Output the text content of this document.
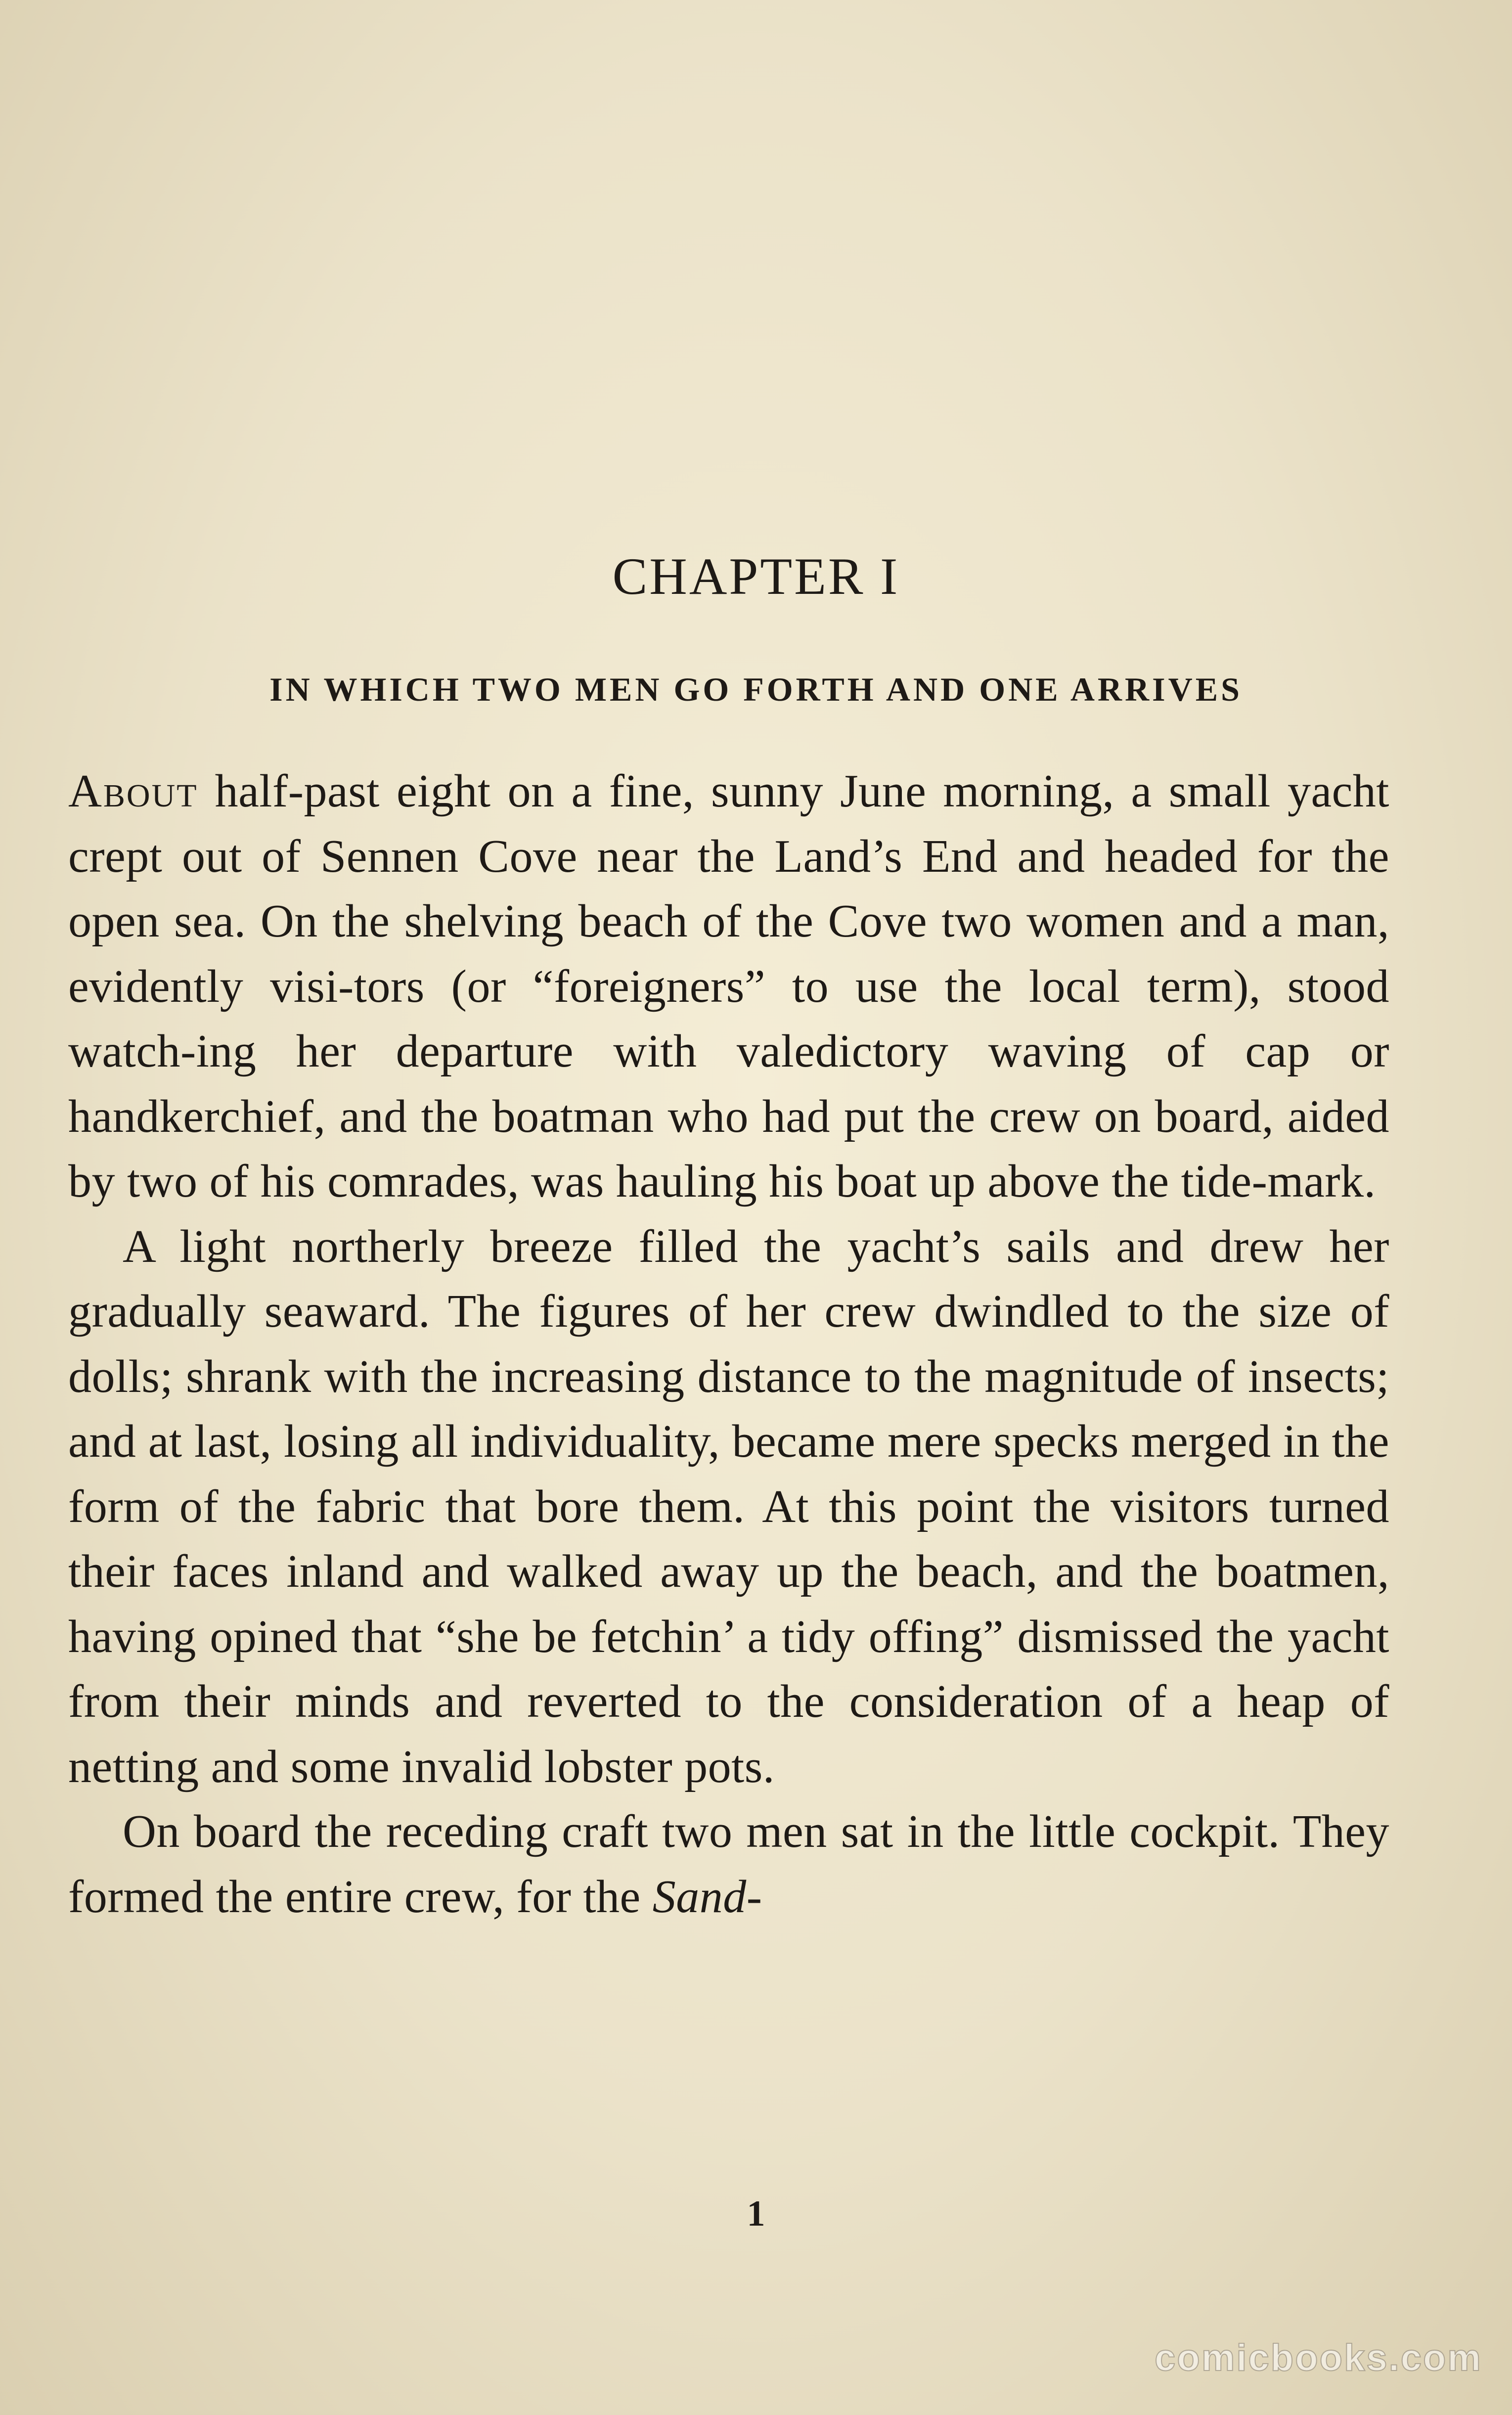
CHAPTER I
IN WHICH TWO MEN GO FORTH AND ONE ARRIVES

About half-past eight on a fine, sunny June morning, a small yacht crept out of Sennen Cove near the Land’s End and headed for the open sea. On the shelving beach of the Cove two women and a man, evidently visi-tors (or “foreigners” to use the local term), stood watch-ing her departure with valedictory waving of cap or handkerchief, and the boatman who had put the crew on board, aided by two of his comrades, was hauling his boat up above the tide-mark.

A light northerly breeze filled the yacht’s sails and drew her gradually seaward. The figures of her crew dwindled to the size of dolls; shrank with the increasing distance to the magnitude of insects; and at last, losing all individuality, became mere specks merged in the form of the fabric that bore them. At this point the visitors turned their faces inland and walked away up the beach, and the boatmen, having opined that “she be fetchin’ a tidy offing” dismissed the yacht from their minds and reverted to the consideration of a heap of netting and some invalid lobster pots.

On board the receding craft two men sat in the little cockpit. They formed the entire crew, for the Sand-

1
comicbooks.com
